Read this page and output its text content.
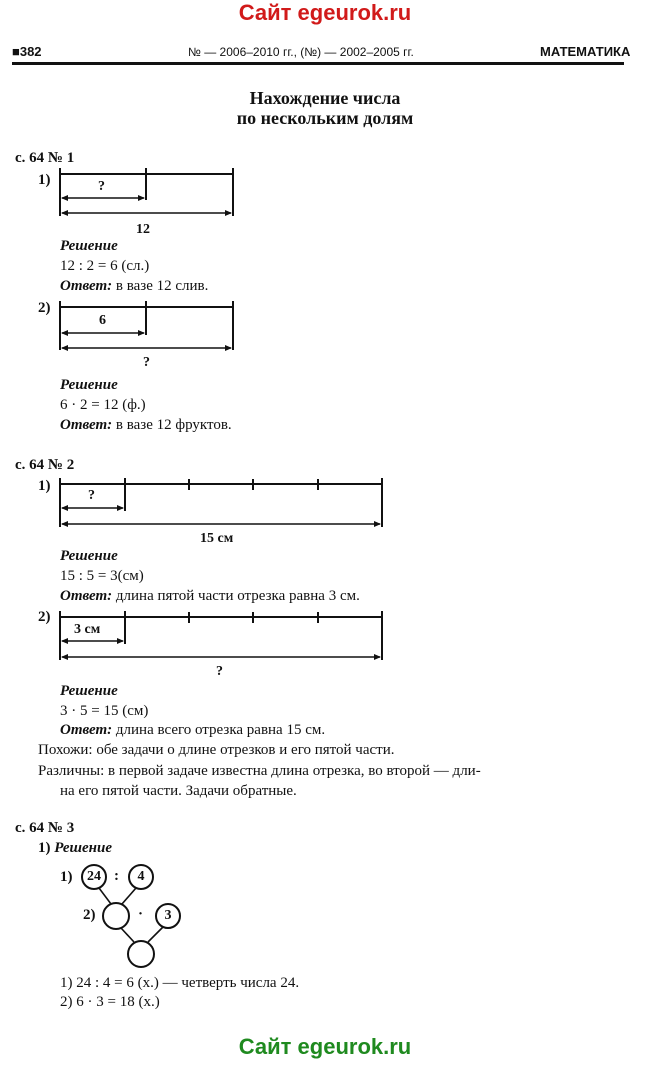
Сайт egeurok.ru
■382	№ — 2006–2010 гг., (№) — 2002–2005 гг.	МАТЕМАТИКА
Нахождение числа
по нескольким долям
с. 64 № 1
1)	?
12
Решение
12 : 2 = 6 (сл.)
Ответ: в вазе 12 слив.
2)
6
?
Решение
6 · 2 = 12 (ф.)
Ответ: в вазе 12 фруктов.
с. 64 № 2
1)
?
15 см
Решение
15 : 5 = 3(см)
Ответ: длина пятой части отрезка равна 3 см.
2)
3 см
?
Решение
3 · 5 = 15 (см)
Ответ: длина всего отрезка равна 15 см.
Похожи: обе задачи о длине отрезков и его пятой части.
Различны: в первой задаче известна длина отрезка, во второй — дли-
на его пятой части. Задачи обратные.
с. 64 № 3
1) Решение
1) 24 : 4
2)	· 3
1) 24 : 4 = 6 (х.) — четверть числа 24.
2) 6 · 3 = 18 (х.)
Сайт egeurok.ru
